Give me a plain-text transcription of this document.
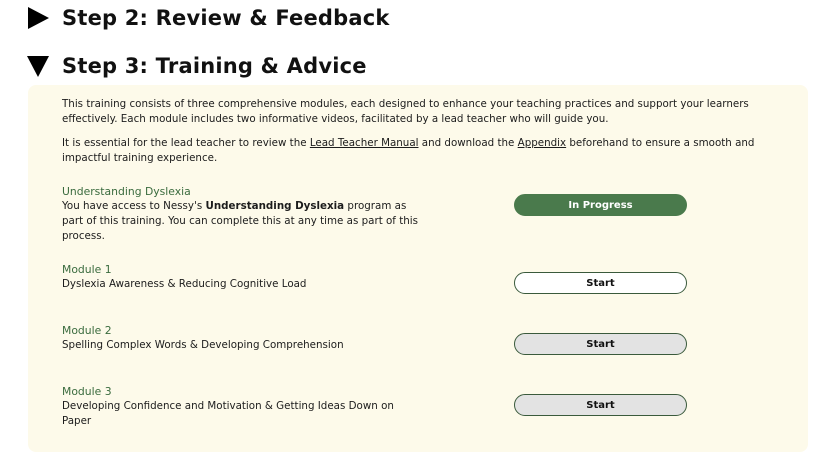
Step 2: Review & Feedback
Step 3: Training & Advice

This training consists of three comprehensive modules, each designed to enhance your teaching practices and support your learners effectively. Each module includes two informative videos, facilitated by a lead teacher who will guide you.

It is essential for the lead teacher to review the Lead Teacher Manual and download the Appendix beforehand to ensure a smooth and impactful training experience.

Understanding Dyslexia
You have access to Nessy's Understanding Dyslexia program as part of this training. You can complete this at any time as part of this process.
In Progress
Module 1
Dyslexia Awareness & Reducing Cognitive Load	Start
Module 2
Spelling Complex Words & Developing Comprehension	Start
Module 3
Developing Confidence and Motivation & Getting Ideas Down on Paper
Start
